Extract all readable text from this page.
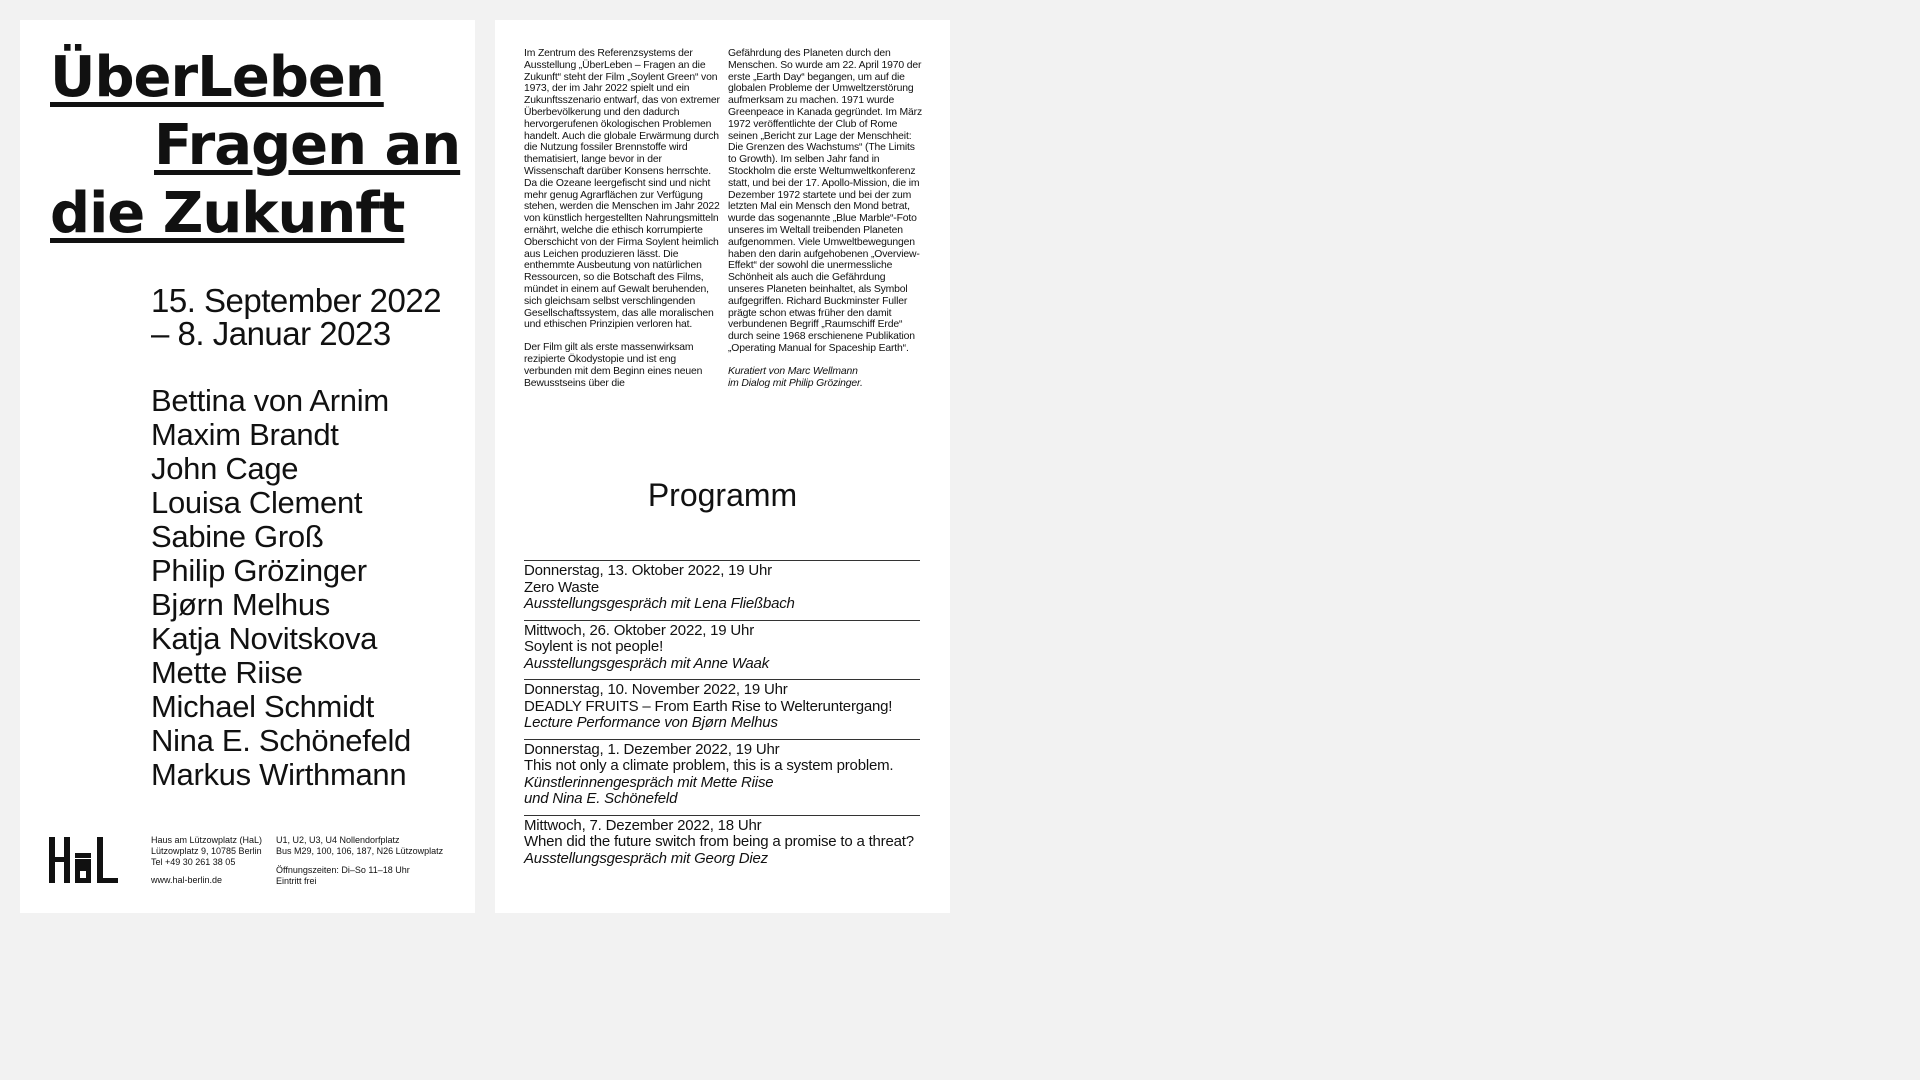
ÜberLeben
Fragen an
die Zukunft
15. September 2022
– 8. Januar 2023
Bettina von Arnim
Maxim Brandt
John Cage
Louisa Clement
Sabine Groß
Philip Grözinger
Bjørn Melhus
Katja Novitskova
Mette Riise
Michael Schmidt
Nina E. Schönefeld
Markus Wirthmann
Haus am Lützowplatz (HaL)
Lützowplatz 9, 10785 Berlin
Tel +49 30 261 38 05
www.hal-berlin.de
U1, U2, U3, U4 Nollendorfplatz
Bus M29, 100, 106, 187, N26 Lützowplatz
Öffnungszeiten: Di–So 11–18 Uhr
Eintritt frei

Im Zentrum des Referenzsystems der Ausstellung „ÜberLeben – Fragen an die Zukunft“ steht der Film „Soylent Green“ von 1973, der im Jahr 2022 spielt und ein Zukunftsszenario entwarf, das von extremer Überbevölkerung und den dadurch hervorgerufenen ökologischen Problemen handelt. Auch die globale Erwärmung durch die Nutzung fossiler Brennstoffe wird thematisiert, lange bevor in der Wissenschaft darüber Konsens herrschte. Da die Ozeane leergefischt sind und nicht mehr genug Agrarflächen zur Verfügung stehen, werden die Menschen im Jahr 2022 von künstlich hergestellten Nahrungsmitteln ernährt, welche die ethisch korrumpierte Oberschicht von der Firma Soylent heimlich aus Leichen produzieren lässt. Die enthemmte Ausbeutung von natürlichen Ressourcen, so die Botschaft des Films, mündet in einem auf Gewalt beruhenden, sich gleichsam selbst verschlingenden Gesellschaftssystem, das alle moralischen und ethischen Prinzipien verloren hat.

Der Film gilt als erste massenwirksam rezipierte Ökodystopie und ist eng verbunden mit dem Beginn eines neuen Bewusstseins über die

Gefährdung des Planeten durch den Menschen. So wurde am 22. April 1970 der erste „Earth Day“ begangen, um auf die globalen Probleme der Umweltzerstörung aufmerksam zu machen. 1971 wurde Greenpeace in Kanada gegründet. Im März 1972 veröffentlichte der Club of Rome seinen „Bericht zur Lage der Menschheit: Die Grenzen des Wachstums“ (The Limits to Growth). Im selben Jahr fand in Stockholm die erste Weltumweltkonferenz statt, und bei der 17. Apollo-Mission, die im Dezember 1972 startete und bei der zum letzten Mal ein Mensch den Mond betrat, wurde das sogenannte „Blue Marble“-Foto unseres im Weltall treibenden Planeten aufgenommen. Viele Umweltbewegungen haben den darin aufgehobenen „Overview-Effekt“ der sowohl die unermessliche Schönheit als auch die Gefährdung unseres Planeten beinhaltet, als Symbol aufgegriffen. Richard Buckminster Fuller prägte schon etwas früher den damit verbundenen Begriff „Raumschiff Erde“ durch seine 1968 erschienene Publikation „Operating Manual for Spaceship Earth“.

Kuratiert von Marc Wellmann
im Dialog mit Philip Grözinger.

Programm
Donnerstag, 13. Oktober 2022, 19 Uhr
Zero Waste
Ausstellungsgespräch mit Lena Fließbach
Mittwoch, 26. Oktober 2022, 19 Uhr
Soylent is not people!
Ausstellungsgespräch mit Anne Waak
Donnerstag, 10. November 2022, 19 Uhr
DEADLY FRUITS – From Earth Rise to Welteruntergang!
Lecture Performance von Bjørn Melhus
Donnerstag, 1. Dezember 2022, 19 Uhr
This not only a climate problem, this is a system problem.
Künstlerinnengespräch mit Mette Riise
und Nina E. Schönefeld
Mittwoch, 7. Dezember 2022, 18 Uhr
When did the future switch from being a promise to a threat?
Ausstellungsgespräch mit Georg Diez
